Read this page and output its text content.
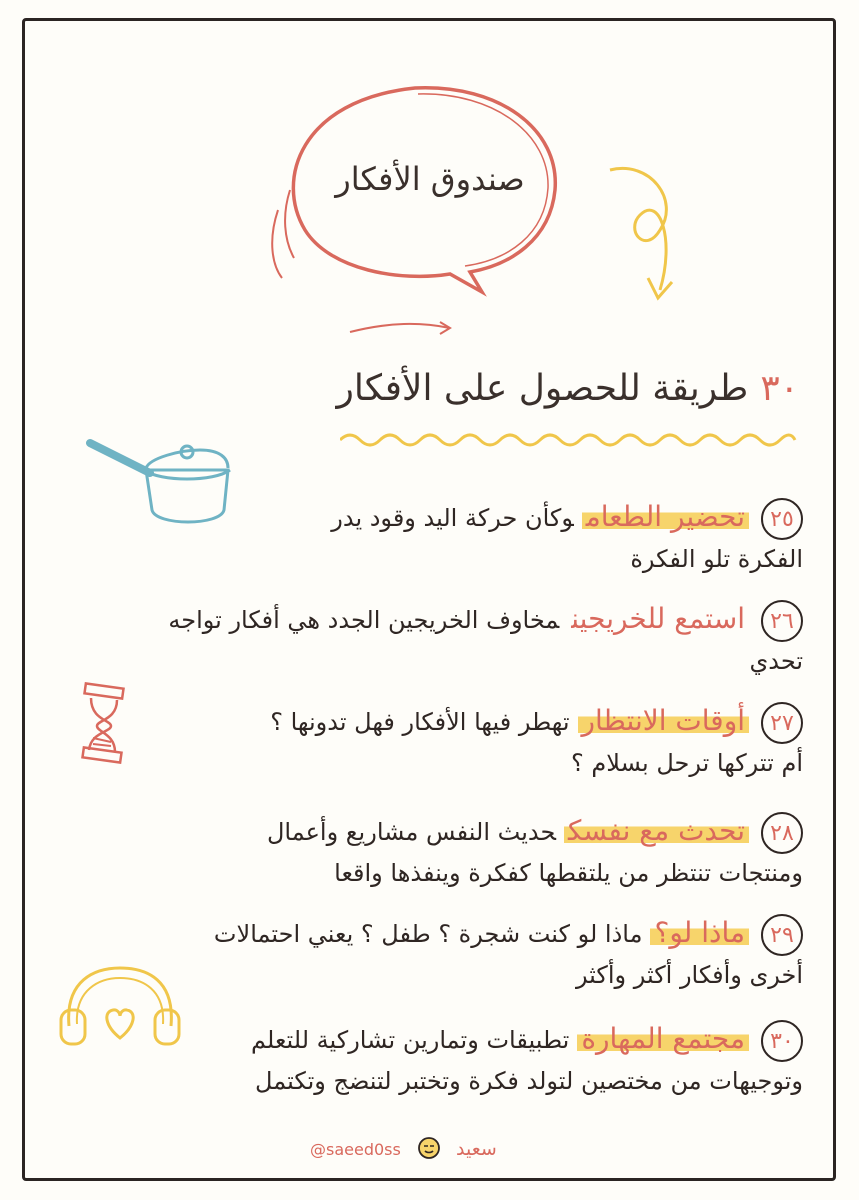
صندوق الأفكار
٣٠طريقة للحصول على الأفكار
٢٥تحضير الطعاموكأن حركة اليد وقود يدر
الفكرة تلو الفكرة
٢٦استمع للخريجينمخاوف الخريجين الجدد هي أفكار تواجه
تحدي
٢٧أوقات الانتظارتهطر فيها الأفكار فهل تدونها ؟
أم تتركها ترحل بسلام ؟
٢٨تحدث مع نفسكحديث النفس مشاريع وأعمال
ومنتجات تنتظر من يلتقطها كفكرة وينفذها واقعا
٢٩ماذا لو؟ماذا لو كنت شجرة ؟ طفل ؟ يعني احتمالات
أخرى وأفكار أكثر وأكثر
٣٠مجتمع المهارةتطبيقات وتمارين تشاركية للتعلم
وتوجيهات من مختصين لتولد فكرة وتختبر لتنضج وتكتمل
@saeed0ss	سعيد
